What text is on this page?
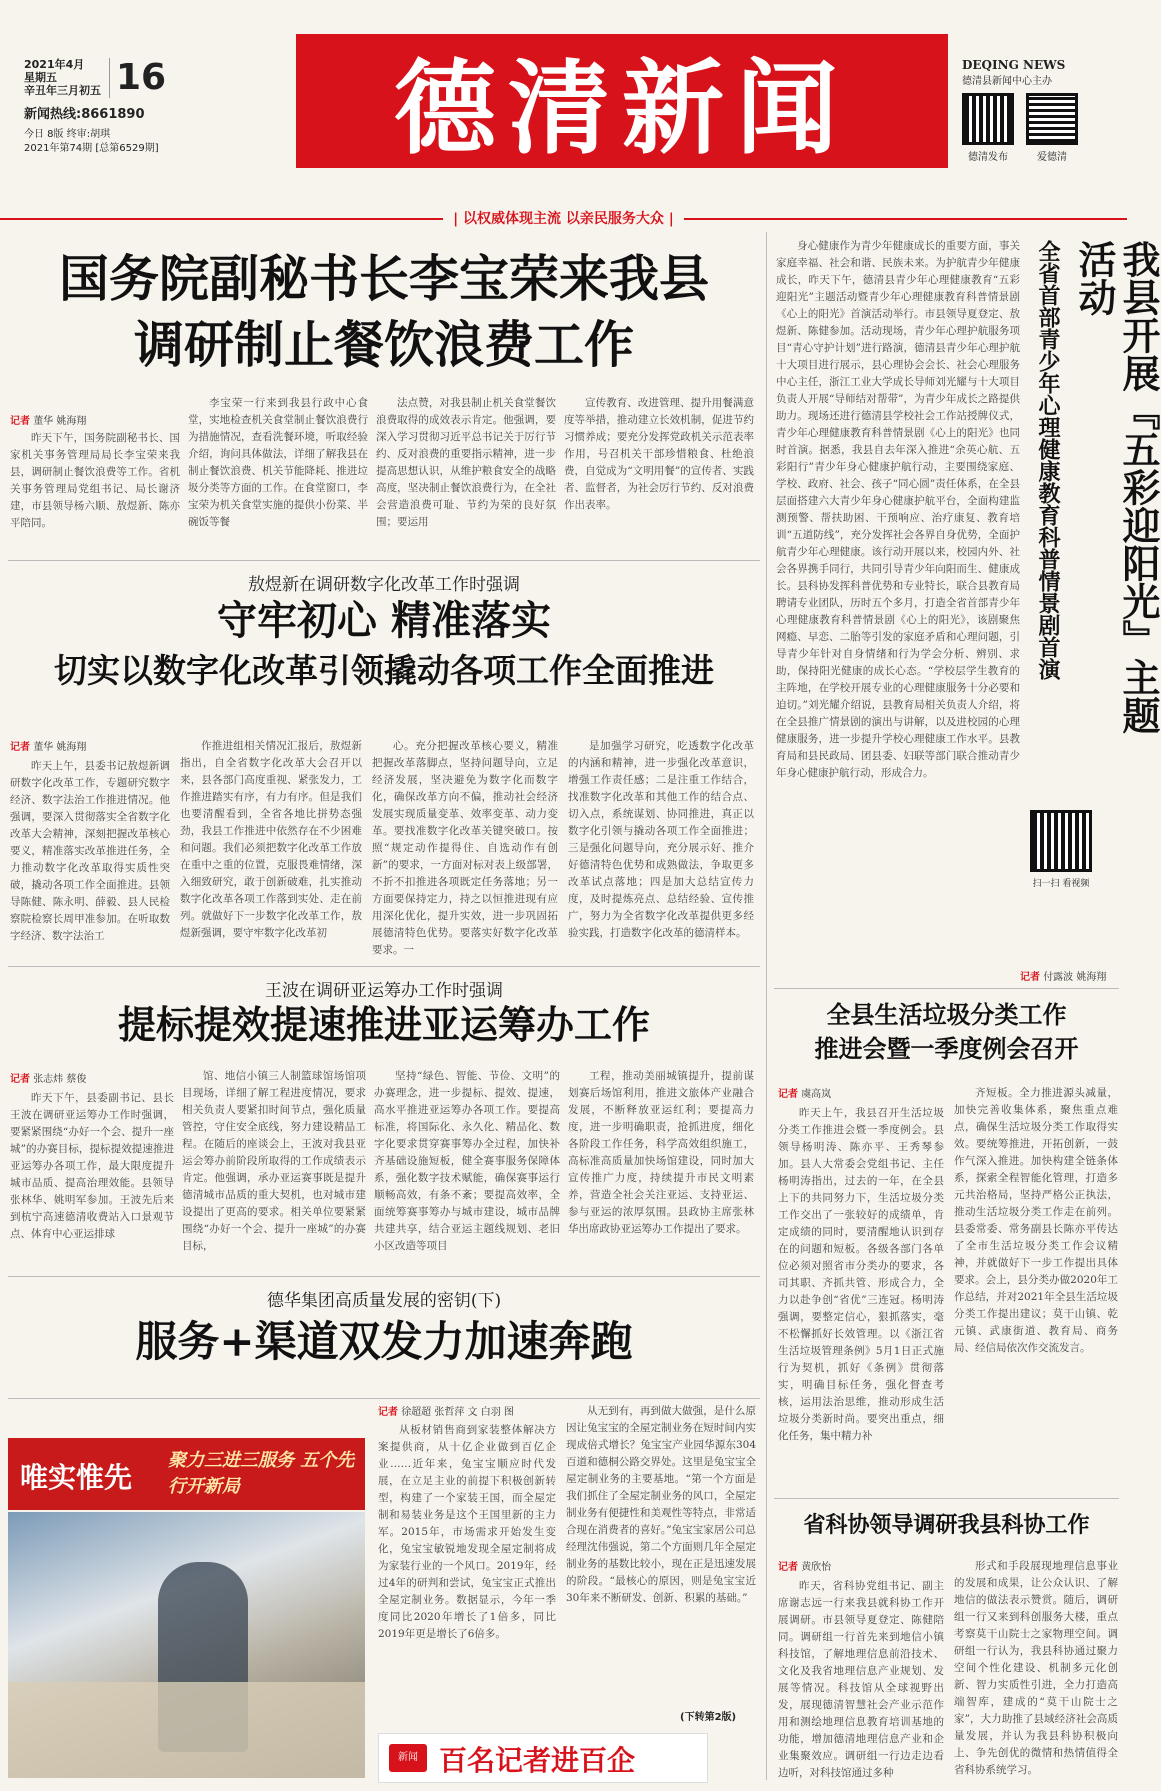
2021年4月
星期五
辛丑年三月初五 16
新闻热线:8661890
今日 8版 终审:胡琪
2021年第74期 [总第6529期]	德清新闻	DEQING NEWS
德清县新闻中心主办
德清发布	爱德清
| 以权威体现主流 以亲民服务大众 |
国务院副秘书长李宝荣来我县
调研制止餐饮浪费工作
记者 董华 姚海翔
昨天下午，国务院副秘书长、国家机关事务管理局局长李宝荣来我县，调研制止餐饮浪费等工作。省机关事务管理局党组书记、局长谢济建，市县领导杨六顺、敖煜新、陈亦平陪同。
李宝荣一行来到我县行政中心食堂，实地检查机关食堂制止餐饮浪费行为措施情况，查看洗餐环境，听取经验介绍，询问具体做法，详细了解我县在制止餐饮浪费、机关节能降耗、推进垃圾分类等方面的工作。在食堂窗口，李宝荣为机关食堂实施的提供小份菜、半碗饭等餐
法点赞，对我县制止机关食堂餐饮浪费取得的成效表示肯定。他强调，要深入学习贯彻习近平总书记关于厉行节约、反对浪费的重要指示精神，进一步提高思想认识，从维护粮食安全的战略高度，坚决制止餐饮浪费行为，在全社会营造浪费可耻、节约为荣的良好氛围；要运用
宣传教育、改进管理、提升用餐满意度等举措，推动建立长效机制，促进节约习惯养成；要充分发挥党政机关示范表率作用，号召机关干部珍惜粮食、杜绝浪费，自觉成为“文明用餐”的宣传者、实践者、监督者，为社会厉行节约、反对浪费作出表率。
敖煜新在调研数字化改革工作时强调
守牢初心 精准落实
切实以数字化改革引领撬动各项工作全面推进
记者 董华 姚海翔
昨天上午，县委书记敖煜新调研数字化改革工作，专题研究数字经济、数字法治工作推进情况。他强调，要深入贯彻落实全省数字化改革大会精神，深刻把握改革核心要义，精准落实改革推进任务，全力推动数字化改革取得实质性突破，撬动各项工作全面推进。县领导陈健、陈永明、薛毅、县人民检察院检察长周甲准参加。在听取数字经济、数字法治工
作推进组相关情况汇报后，敖煜新指出，自全省数字化改革大会召开以来，县各部门高度重视、紧张发力，工作推进踏实有序，有力有序。但是我们也要清醒看到，全省各地比拼势态强劲，我县工作推进中依然存在不少困难和问题。我们必须把数字化改革工作放在重中之重的位置，克服畏难情绪，深入细致研究，敢于创新破难，扎实推动数字化改革各项工作落到实处、走在前列。就做好下一步数字化改革工作，敖煜新强调，要守牢数字化改革初
心。充分把握改革核心要义，精准把握改革落脚点，坚持问题导向，立足经济发展，坚决避免为数字化而数字化，确保改革方向不偏，推动社会经济发展实现质量变革、效率变革、动力变革。要找准数字化改革关键突破口。按照“规定动作提得住、自选动作有创新”的要求，一方面对标对表上级部署，不折不扣推进各项既定任务落地；另一方面要保持定力，持之以恒推进现有应用深化优化，提升实效，进一步巩固拓展德清特色优势。要落实好数字化改革要求。一
是加强学习研究，吃透数字化改革的内涵和精神，进一步强化改革意识，增强工作责任感；二是注重工作结合，找准数字化改革和其他工作的结合点、切入点，系统谋划、协同推进，真正以数字化引领与撬动各项工作全面推进；三是强化问题导向，充分展示好、推介好德清特色优势和成熟做法，争取更多改革试点落地；四是加大总结宣传力度，及时提炼亮点、总结经验、宣传推广，努力为全省数字化改革提供更多经验实践，打造数字化改革的德清样本。
王波在调研亚运筹办工作时强调
提标提效提速推进亚运筹办工作
记者 张志炜 蔡俊
昨天下午，县委副书记、县长王波在调研亚运筹办工作时强调，要紧紧围绕“办好一个会、提升一座城”的办赛目标，提标提效提速推进亚运筹办各项工作，最大限度提升城市品质、提高治理效能。县领导张林华、姚明军参加。王波先后来到杭宁高速德清收费站入口景观节点、体育中心亚运排球
馆、地信小镇三人制篮球馆场馆项目现场，详细了解工程进度情况，要求相关负责人要紧扣时间节点，强化质量管控，守住安全底线，努力建设精品工程。在随后的座谈会上，王波对我县亚运会筹办前阶段所取得的工作成绩表示肯定。他强调，承办亚运赛事既是提升德清城市品质的重大契机，也对城市建设提出了更高的要求。相关单位要紧紧围绕“办好一个会、提升一座城”的办赛目标，
坚持“绿色、智能、节俭、文明”的办赛理念，进一步提标、提效、提速，高水平推进亚运筹办各项工作。要提高标准，将国际化、永久化、精品化、数字化要求贯穿赛事筹办全过程，加快补齐基础设施短板，健全赛事服务保障体系，强化数字技术赋能，确保赛事运行顺畅高效，有条不紊；要提高效率，全面统筹赛事筹办与城市建设，城市品牌共建共享，结合亚运主题线规划、老旧小区改造等项目
工程，推动美丽城镇提升，提前谋划赛后场馆利用，推进文旅体产业融合发展，不断释放亚运红利；要提高力度，进一步明确职责，抢抓进度，细化各阶段工作任务，科学高效组织施工，高标准高质量加快场馆建设，同时加大宣传推广力度，持续提升市民文明素养，营造全社会关注亚运、支持亚运、参与亚运的浓厚氛围。县政协主席张林华出席政协亚运筹办工作提出了要求。
德华集团高质量发展的密钥(下)
服务+渠道双发力加速奔跑
唯实惟先
聚力三进三服务 五个先行开新局
记者 徐超超 张哲萍 文 白羽 图
从板材销售商到家装整体解决方案提供商，从十亿企业做到百亿企业……近年来，兔宝宝顺应时代发展，在立足主业的前提下积极创新转型，构建了一个家装王国，而全屋定制和易装业务是这个王国里新的主力军。2015年，市场需求开始发生变化，兔宝宝敏锐地发现全屋定制将成为家装行业的一个风口。2019年，经过4年的研判和尝试，兔宝宝正式推出全屋定制业务。数据显示，今年一季度同比2020年增长了1倍多，同比2019年更是增长了6倍多。
从无到有，再到做大做强，是什么原因让兔宝宝的全屋定制业务在短时间内实现成倍式增长？兔宝宝产业园华源东304百道和德桐公路交界处。这里是兔宝宝全屋定制业务的主要基地。“第一个方面是我们抓住了全屋定制业务的风口，全屋定制业务有便捷性和美观性等特点，非常适合现在消费者的喜好。”兔宝宝家居公司总经理沈伟强说，第二个方面则几年全屋定制业务的基数比较小，现在正是迅速发展的阶段。“最核心的原因，则是兔宝宝近30年来不断研发、创新、积累的基础。”
(下转第2版)
新闻 百名记者进百企
身心健康作为青少年健康成长的重要方面，事关家庭幸福、社会和谐、民族未来。为护航青少年健康成长，昨天下午，德清县青少年心理健康教育“五彩迎阳光”主题活动暨青少年心理健康教育科普情景剧《心上的阳光》首演活动举行。市县领导夏登定、敖煜新、陈健参加。活动现场，青少年心理护航服务项目“青心守护计划”进行路演，德清县青少年心理护航十大项目进行展示，县心理协会会长、社会心理服务中心主任，浙江工业大学成长导师刘光耀与十大项目负责人开展“导师结对帮带”，为青少年成长之路提供助力。现场还进行德清县学校社会工作站授牌仪式，青少年心理健康教育科普情景剧《心上的阳光》也同时首演。据悉，我县自去年深入推进“余英心航、五彩阳行”青少年身心健康护航行动，主要围绕家庭、学校、政府、社会、孩子“同心圆”责任体系，在全县层面搭建六大青少年身心健康护航平台，全面构建监测预警、帮扶助困、干预响应、治疗康复、教育培训“五道防线”，充分发挥社会各界自身优势，全面护航青少年心理健康。该行动开展以来，校园内外、社会各界携手同行，共同引导青少年向阳而生、健康成长。县科协发挥科普优势和专业特长，联合县教育局聘请专业团队，历时五个多月，打造全省首部青少年心理健康教育科普情景剧《心上的阳光》，该剧聚焦网瘾、早恋、二胎等引发的家庭矛盾和心理问题，引导青少年针对自身情绪和行为学会分析、辨别、求助，保持阳光健康的成长心态。“学校层学生教育的主阵地，在学校开展专业的心理健康服务十分必要和迫切。”刘光耀介绍说，县教育局相关负责人介绍，将在全县推广情景剧的演出与讲解，以及进校园的心理健康服务，进一步提升学校心理健康工作水平。县教育局和县民政局、团县委、妇联等部门联合推动青少年身心健康护航行动，形成合力。
我县开展『五彩迎阳光』主题活动
全省首部青少年心理健康教育科普情景剧首演
扫一扫 看视频
记者 付露波 姚海翔
全县生活垃圾分类工作
推进会暨一季度例会召开
记者 虞高岚
昨天上午，我县召开生活垃圾分类工作推进会暨一季度例会。县领导杨明涛、陈亦平、王秀琴参加。县人大常委会党组书记、主任杨明涛指出，过去的一年，在全县上下的共同努力下，生活垃圾分类工作交出了一张较好的成绩单，肯定成绩的同时，要清醒地认识到存在的问题和短板。各级各部门各单位必须对照省市分类办的要求，各司其职、齐抓共管、形成合力，全力以赴争创“省优”三连冠。杨明涛强调，要整定信心，狠抓落实，毫不松懈抓好长效管理。以《浙江省生活垃圾管理条例》5月1日正式施行为契机，抓好《条例》贯彻落实，明确目标任务，强化督查考核，运用法治思维，推动形成生活垃圾分类新时尚。要突出重点，细化任务，集中精力补
齐短板。全力推进源头减量，加快完善收集体系，聚焦重点难点，确保生活垃圾分类工作取得实效。要统筹推进，开拓创新，一鼓作气深入推进。加快构建全链条体系，探索全程智能化管理，打造多元共治格局，坚持严格公正执法，推动生活垃圾分类工作走在前列。县委常委、常务副县长陈亦平传达了全市生活垃圾分类工作会议精神，并就做好下一步工作提出具体要求。会上，县分类办做2020年工作总结，并对2021年全县生活垃圾分类工作提出建议；莫干山镇、乾元镇、武康街道、教育局、商务局、经信局依次作交流发言。
省科协领导调研我县科协工作
记者 黄欣怡
昨天，省科协党组书记、副主席谢志远一行来我县就科协工作开展调研。市县领导夏登定、陈健陪同。调研组一行首先来到地信小镇科技馆，了解地理信息前沿技术、文化及我省地理信息产业规划、发展等情况。科技馆从全球视野出发，展现德清智慧社会产业示范作用和测绘地理信息教育培训基地的功能，增加德清地理信息产业和企业集聚效应。调研组一行边走边看边听，对科技馆通过多种
形式和手段展现地理信息事业的发展和成果，让公众认识、了解地信的做法表示赞赏。随后，调研组一行又来到科创服务大楼，重点考察莫干山院士之家物理空间。调研组一行认为，我县科协通过聚力空间个性化建设、机制多元化创新、智力实质性引进，全力打造高端智库，建成的“莫干山院士之家”，大力助推了县域经济社会高质量发展，并认为我县科协积极向上、争先创优的微情和热情值得全省科协系统学习。
